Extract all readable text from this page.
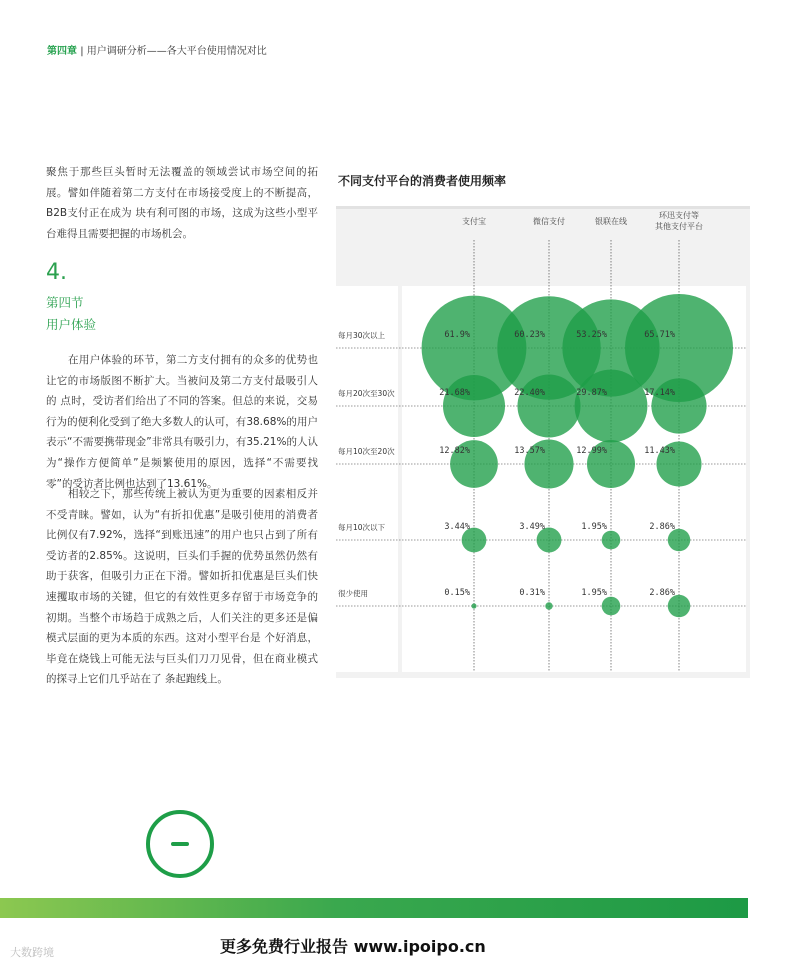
第四章 | 用户调研分析——各大平台使用情况对比

聚焦于那些巨头暂时无法覆盖的领域尝试市场空间的拓展。譬如伴随着第二方支付在市场接受度上的不断提高，B2B支付正在成为 块有利可图的市场，这成为这些小型平台难得且需要把握的市场机会。

4.
第四节
用户体验

在用户体验的环节，第二方支付拥有的众多的优势也让它的市场版图不断扩大。当被问及第二方支付最吸引人的 点时，受访者们给出了不同的答案。但总的来说，交易行为的便利化受到了绝大多数人的认可，有38.68%的用户表示“不需要携带现金”非常具有吸引力，有35.21%的人认为“操作方便简单”是频繁使用的原因，选择“不需要找零”的受访者比例也达到了13.61%。

相较之下，那些传统上被认为更为重要的因素相反并不受青睐。譬如，认为“有折扣优惠”是吸引使用的消费者比例仅有7.92%，选择“到账迅速”的用户也只占到了所有受访者的2.85%。这说明，巨头们手握的优势虽然仍然有助于获客，但吸引力正在下滑。譬如折扣优惠是巨头们快速攫取市场的关键，但它的有效性更多存留于市场竞争的初期。当整个市场趋于成熟之后，人们关注的更多还是偏模式层面的更为本质的东西。这对小型平台是 个好消息，毕竟在烧钱上可能无法与巨头们刀刀见骨，但在商业模式的探寻上它们几乎站在了 条起跑线上。

不同支付平台的消费者使用频率
支付宝	微信支付	银联在线
环迅支付等
其他支付平台
每月30次以上
每月20次至30次
每月10次至20次
每月10次以下
很少使用
61.9%
21.68%
12.82%
3.44%
0.15%
60.23%
22.40%
13.57%
3.49%
0.31%
53.25%
29.87%
12.99%
1.95%
1.95%
65.71%
17.14%
11.43%
2.86%
2.86%
更多免费行业报告 www.ipoipo.cn
大数跨境
